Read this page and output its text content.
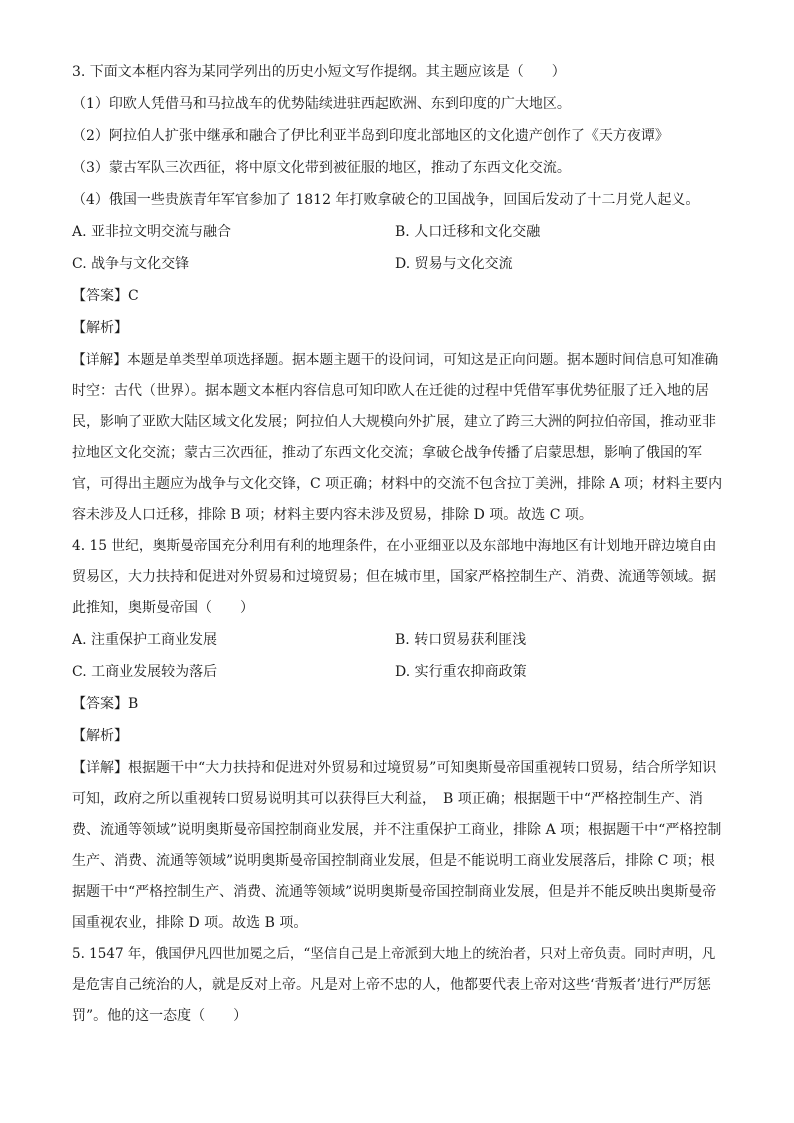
3. 下面文本框内容为某同学列出的历史小短文写作提纲。其主题应该是（　　）
（1）印欧人凭借马和马拉战车的优势陆续进驻西起欧洲、东到印度的广大地区。
（2）阿拉伯人扩张中继承和融合了伊比利亚半岛到印度北部地区的文化遗产创作了《天方夜谭》
（3）蒙古军队三次西征，将中原文化带到被征服的地区，推动了东西文化交流。
（4）俄国一些贵族青年军官参加了 1812 年打败拿破仑的卫国战争，回国后发动了十二月党人起义。
A. 亚非拉文明交流与融合	B. 人口迁移和文化交融
C. 战争与文化交锋	D. 贸易与文化交流
【答案】C
【解析】
【详解】本题是单类型单项选择题。据本题主题干的设问词，可知这是正向问题。据本题时间信息可知准确
时空：古代（世界）。据本题文本框内容信息可知印欧人在迁徙的过程中凭借军事优势征服了迁入地的居
民，影响了亚欧大陆区域文化发展；阿拉伯人大规模向外扩展，建立了跨三大洲的阿拉伯帝国，推动亚非
拉地区文化交流；蒙古三次西征，推动了东西文化交流；拿破仑战争传播了启蒙思想，影响了俄国的军
官，可得出主题应为战争与文化交锋，C 项正确；材料中的交流不包含拉丁美洲，排除 A 项；材料主要内
容未涉及人口迁移，排除 B 项；材料主要内容未涉及贸易，排除 D 项。故选 C 项。
4. 15 世纪，奥斯曼帝国充分利用有利的地理条件，在小亚细亚以及东部地中海地区有计划地开辟边境自由
贸易区，大力扶持和促进对外贸易和过境贸易；但在城市里，国家严格控制生产、消费、流通等领域。据
此推知，奥斯曼帝国（　　）
A. 注重保护工商业发展	B. 转口贸易获利匪浅
C. 工商业发展较为落后	D. 实行重农抑商政策
【答案】B
【解析】
【详解】根据题干中“大力扶持和促进对外贸易和过境贸易”可知奥斯曼帝国重视转口贸易，结合所学知识
可知，政府之所以重视转口贸易说明其可以获得巨大利益，　B 项正确；根据题干中“严格控制生产、消
费、流通等领域”说明奥斯曼帝国控制商业发展，并不注重保护工商业，排除 A 项；根据题干中“严格控制
生产、消费、流通等领域”说明奥斯曼帝国控制商业发展，但是不能说明工商业发展落后，排除 C 项；根
据题干中“严格控制生产、消费、流通等领域”说明奥斯曼帝国控制商业发展，但是并不能反映出奥斯曼帝
国重视农业，排除 D 项。故选 B 项。
5. 1547 年，俄国伊凡四世加冕之后，“坚信自己是上帝派到大地上的统治者，只对上帝负责。同时声明，凡
是危害自己统治的人，就是反对上帝。凡是对上帝不忠的人，他都要代表上帝对这些‘背叛者’进行严厉惩
罚”。他的这一态度（　　）
